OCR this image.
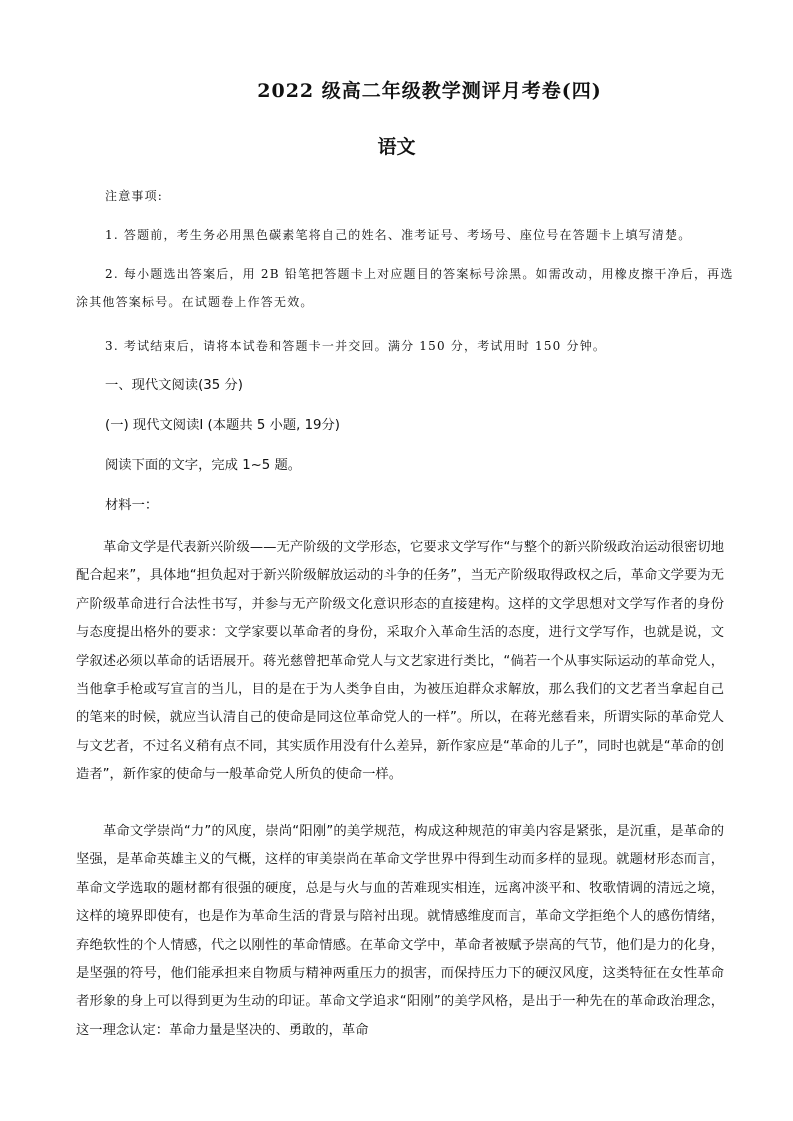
2022 级高二年级教学测评月考卷(四)
语文
注意事项:
1. 答题前，考生务必用黑色碳素笔将自己的姓名、准考证号、考场号、座位号在答题卡上填写清楚。
2. 每小题选出答案后，用 2B 铅笔把答题卡上对应题目的答案标号涂黑。如需改动，用橡皮擦干净后，再选涂其他答案标号。在试题卷上作答无效。
3. 考试结束后，请将本试卷和答题卡一并交回。满分 150 分，考试用时 150 分钟。
一、现代文阅读(35 分)
(一) 现代文阅读Ⅰ (本题共 5 小题, 19分)
阅读下面的文字，完成 1~5 题。
材料一：
革命文学是代表新兴阶级——无产阶级的文学形态，它要求文学写作“与整个的新兴阶级政治运动很密切地配合起来”，具体地“担负起对于新兴阶级解放运动的斗争的任务”，当无产阶级取得政权之后，革命文学要为无产阶级革命进行合法性书写，并参与无产阶级文化意识形态的直接建构。这样的文学思想对文学写作者的身份与态度提出格外的要求：文学家要以革命者的身份，采取介入革命生活的态度，进行文学写作，也就是说，文学叙述必须以革命的话语展开。蒋光慈曾把革命党人与文艺家进行类比，“倘若一个从事实际运动的革命党人，当他拿手枪或写宣言的当儿，目的是在于为人类争自由，为被压迫群众求解放，那么我们的文艺者当拿起自己的笔来的时候，就应当认清自己的使命是同这位革命党人的一样”。所以，在蒋光慈看来，所谓实际的革命党人与文艺者，不过名义稍有点不同，其实质作用没有什么差异，新作家应是“革命的儿子”，同时也就是“革命的创造者”，新作家的使命与一般革命党人所负的使命一样。
革命文学崇尚“力”的风度，崇尚“阳刚”的美学规范，构成这种规范的审美内容是紧张，是沉重，是革命的坚强，是革命英雄主义的气概，这样的审美崇尚在革命文学世界中得到生动而多样的显现。就题材形态而言，革命文学选取的题材都有很强的硬度，总是与火与血的苦难现实相连，远离冲淡平和、牧歌情调的清远之境，这样的境界即使有，也是作为革命生活的背景与陪衬出现。就情感维度而言，革命文学拒绝个人的感伤情绪，弃绝软性的个人情感，代之以刚性的革命情感。在革命文学中，革命者被赋予崇高的气节，他们是力的化身，是坚强的符号，他们能承担来自物质与精神两重压力的损害，而保持压力下的硬汉风度，这类特征在女性革命者形象的身上可以得到更为生动的印证。革命文学追求“阳刚”的美学风格，是出于一种先在的革命政治理念，这一理念认定：革命力量是坚决的、勇敢的，革命
